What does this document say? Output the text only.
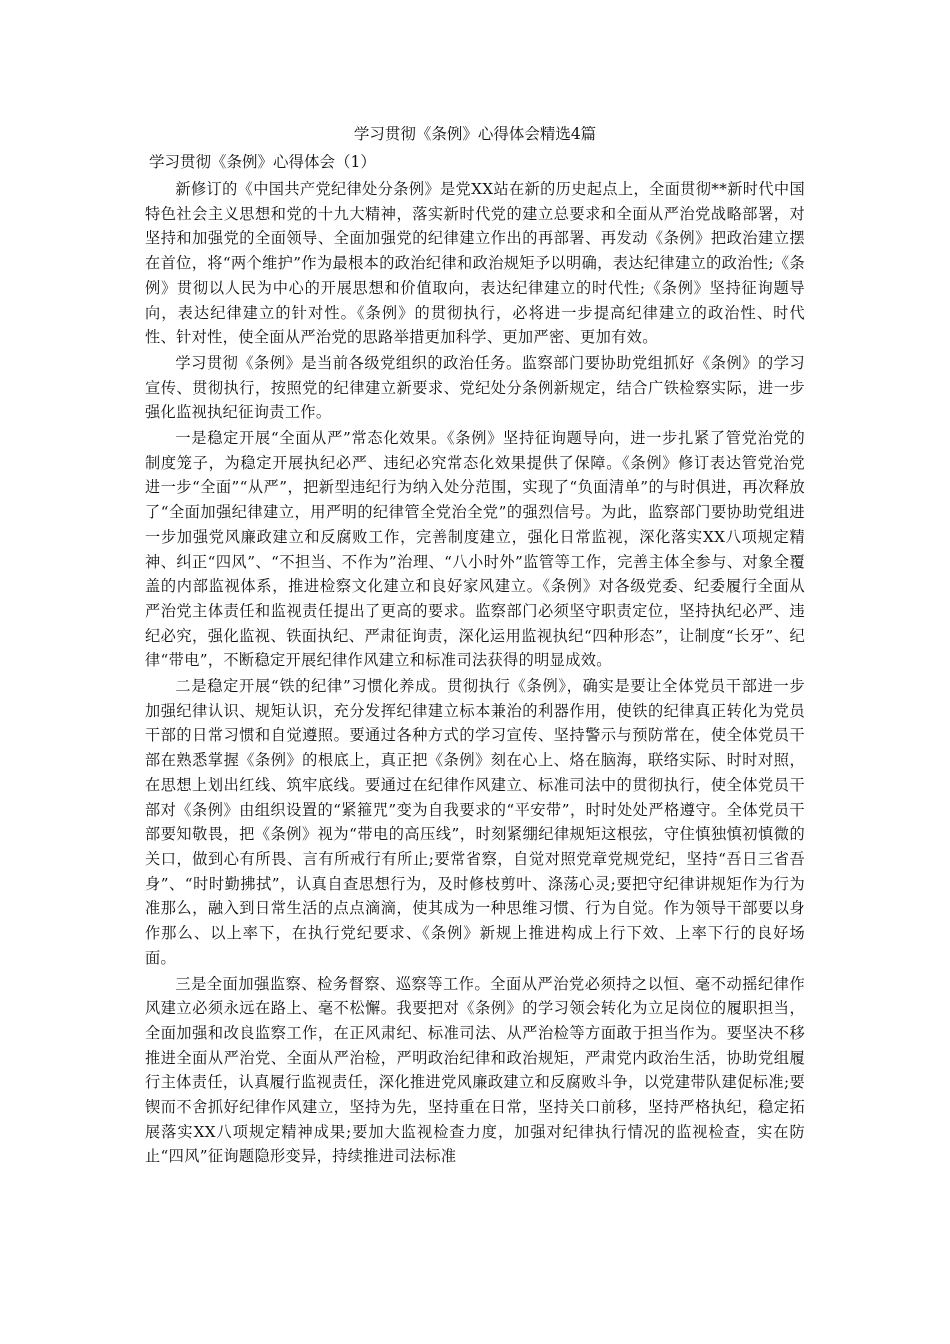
学习贯彻《条例》心得体会精选4篇
学习贯彻《条例》心得体会（1）

新修订的《中国共产党纪律处分条例》是党XX站在新的历史起点上，全面贯彻**新时代中国特色社会主义思想和党的十九大精神，落实新时代党的建立总要求和全面从严治党战略部署，对坚持和加强党的全面领导、全面加强党的纪律建立作出的再部署、再发动《条例》把政治建立摆在首位，将“两个维护”作为最根本的政治纪律和政治规矩予以明确，表达纪律建立的政治性;《条例》贯彻以人民为中心的开展思想和价值取向，表达纪律建立的时代性;《条例》坚持征询题导向，表达纪律建立的针对性。《条例》的贯彻执行，必将进一步提高纪律建立的政治性、时代性、针对性，使全面从严治党的思路举措更加科学、更加严密、更加有效。

学习贯彻《条例》是当前各级党组织的政治任务。监察部门要协助党组抓好《条例》的学习宣传、贯彻执行，按照党的纪律建立新要求、党纪处分条例新规定，结合广铁检察实际，进一步强化监视执纪征询责工作。

一是稳定开展“全面从严”常态化效果。《条例》坚持征询题导向，进一步扎紧了管党治党的制度笼子，为稳定开展执纪必严、违纪必究常态化效果提供了保障。《条例》修订表达管党治党进一步“全面”“从严”，把新型违纪行为纳入处分范围，实现了“负面清单”的与时俱进，再次释放了“全面加强纪律建立，用严明的纪律管全党治全党”的强烈信号。为此，监察部门要协助党组进一步加强党风廉政建立和反腐败工作，完善制度建立，强化日常监视，深化落实XX八项规定精神、纠正“四风”、“不担当、不作为”治理、“八小时外”监管等工作，完善主体全参与、对象全覆盖的内部监视体系，推进检察文化建立和良好家风建立。《条例》对各级党委、纪委履行全面从严治党主体责任和监视责任提出了更高的要求。监察部门必须坚守职责定位，坚持执纪必严、违纪必究，强化监视、铁面执纪、严肃征询责，深化运用监视执纪“四种形态”，让制度“长牙”、纪律“带电”，不断稳定开展纪律作风建立和标准司法获得的明显成效。

二是稳定开展“铁的纪律”习惯化养成。贯彻执行《条例》，确实是要让全体党员干部进一步加强纪律认识、规矩认识，充分发挥纪律建立标本兼治的利器作用，使铁的纪律真正转化为党员干部的日常习惯和自觉遵照。要通过各种方式的学习宣传、坚持警示与预防常在，使全体党员干部在熟悉掌握《条例》的根底上，真正把《条例》刻在心上、烙在脑海，联络实际、时时对照，在思想上划出红线、筑牢底线。要通过在纪律作风建立、标准司法中的贯彻执行，使全体党员干部对《条例》由组织设置的“紧箍咒”变为自我要求的“平安带”，时时处处严格遵守。全体党员干部要知敬畏，把《条例》视为“带电的高压线”，时刻紧绷纪律规矩这根弦，守住慎独慎初慎微的关口，做到心有所畏、言有所戒行有所止;要常省察，自觉对照党章党规党纪，坚持“吾日三省吾身”、“时时勤拂拭”，认真自查思想行为，及时修枝剪叶、涤荡心灵;要把守纪律讲规矩作为行为准那么，融入到日常生活的点点滴滴，使其成为一种思维习惯、行为自觉。作为领导干部要以身作那么、以上率下，在执行党纪要求、《条例》新规上推进构成上行下效、上率下行的良好场面。

三是全面加强监察、检务督察、巡察等工作。全面从严治党必须持之以恒、毫不动摇纪律作风建立必须永远在路上、毫不松懈。我要把对《条例》的学习领会转化为立足岗位的履职担当，全面加强和改良监察工作，在正风肃纪、标准司法、从严治检等方面敢于担当作为。要坚决不移推进全面从严治党、全面从严治检，严明政治纪律和政治规矩，严肃党内政治生活，协助党组履行主体责任，认真履行监视责任，深化推进党风廉政建立和反腐败斗争，以党建带队建促标准;要锲而不舍抓好纪律作风建立，坚持为先，坚持重在日常，坚持关口前移，坚持严格执纪，稳定拓展落实XX八项规定精神成果;要加大监视检查力度，加强对纪律执行情况的监视检查，实在防止“四风”征询题隐形变异，持续推进司法标准
